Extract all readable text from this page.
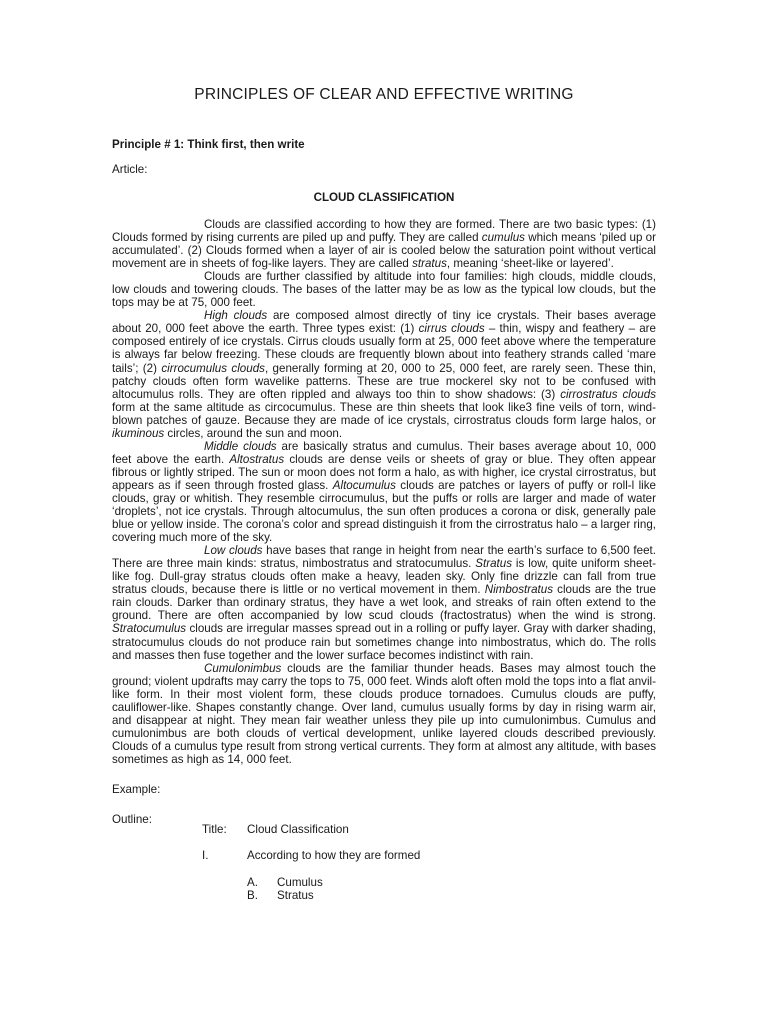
PRINCIPLES OF CLEAR AND EFFECTIVE WRITING

Principle # 1: Think first, then write

Article:

CLOUD CLASSIFICATION

Clouds are classified according to how they are formed. There are two basic types: (1) Clouds formed by rising currents are piled up and puffy. They are called cumulus which means ‘piled up or accumulated’. (2) Clouds formed when a layer of air is cooled below the saturation point without vertical movement are in sheets of fog-like layers. They are called stratus, meaning ‘sheet-like or layered’.

Clouds are further classified by altitude into four families: high clouds, middle clouds, low clouds and towering clouds. The bases of the latter may be as low as the typical low clouds, but the tops may be at 75, 000 feet.

High clouds are composed almost directly of tiny ice crystals. Their bases average about 20, 000 feet above the earth. Three types exist: (1) cirrus clouds – thin, wispy and feathery – are composed entirely of ice crystals. Cirrus clouds usually form at 25, 000 feet above where the temperature is always far below freezing. These clouds are frequently blown about into feathery strands called ‘mare tails’; (2) cirrocumulus clouds, generally forming at 20, 000 to 25, 000 feet, are rarely seen. These thin, patchy clouds often form wavelike patterns. These are true mockerel sky not to be confused with altocumulus rolls. They are often rippled and always too thin to show shadows: (3) cirrostratus clouds form at the same altitude as circocumulus. These are thin sheets that look like3 fine veils of torn, wind-blown patches of gauze. Because they are made of ice crystals, cirrostratus clouds form large halos, or ikuminous circles, around the sun and moon.

Middle clouds are basically stratus and cumulus. Their bases average about 10, 000 feet above the earth. Altostratus clouds are dense veils or sheets of gray or blue. They often appear fibrous or lightly striped. The sun or moon does not form a halo, as with higher, ice crystal cirrostratus, but appears as if seen through frosted glass. Altocumulus clouds are patches or layers of puffy or roll-l like clouds, gray or whitish. They resemble cirrocumulus, but the puffs or rolls are larger and made of water ‘droplets’, not ice crystals. Through altocumulus, the sun often produces a corona or disk, generally pale blue or yellow inside. The corona’s color and spread distinguish it from the cirrostratus halo – a larger ring, covering much more of the sky.

Low clouds have bases that range in height from near the earth’s surface to 6,500 feet. There are three main kinds: stratus, nimbostratus and stratocumulus. Stratus is low, quite uniform sheet- like fog. Dull-gray stratus clouds often make a heavy, leaden sky. Only fine drizzle can fall from true stratus clouds, because there is little or no vertical movement in them. Nimbostratus clouds are the true rain clouds. Darker than ordinary stratus, they have a wet look, and streaks of rain often extend to the ground. There are often accompanied by low scud clouds (fractostratus) when the wind is strong. Stratocumulus clouds are irregular masses spread out in a rolling or puffy layer. Gray with darker shading, stratocumulus clouds do not produce rain but sometimes change into nimbostratus, which do. The rolls and masses then fuse together and the lower surface becomes indistinct with rain.

Cumulonimbus clouds are the familiar thunder heads. Bases may almost touch the ground; violent updrafts may carry the tops to 75, 000 feet. Winds aloft often mold the tops into a flat anvil-like form. In their most violent form, these clouds produce tornadoes. Cumulus clouds are puffy, cauliflower-like. Shapes constantly change. Over land, cumulus usually forms by day in rising warm air, and disappear at night. They mean fair weather unless they pile up into cumulonimbus. Cumulus and cumulonimbus are both clouds of vertical development, unlike layered clouds described previously. Clouds of a cumulus type result from strong vertical currents. They form at almost any altitude, with bases sometimes as high as 14, 000 feet.

Example:

Outline:

Title:	Cloud Classification
I.	According to how they are formed
A.	Cumulus
B.	Stratus
